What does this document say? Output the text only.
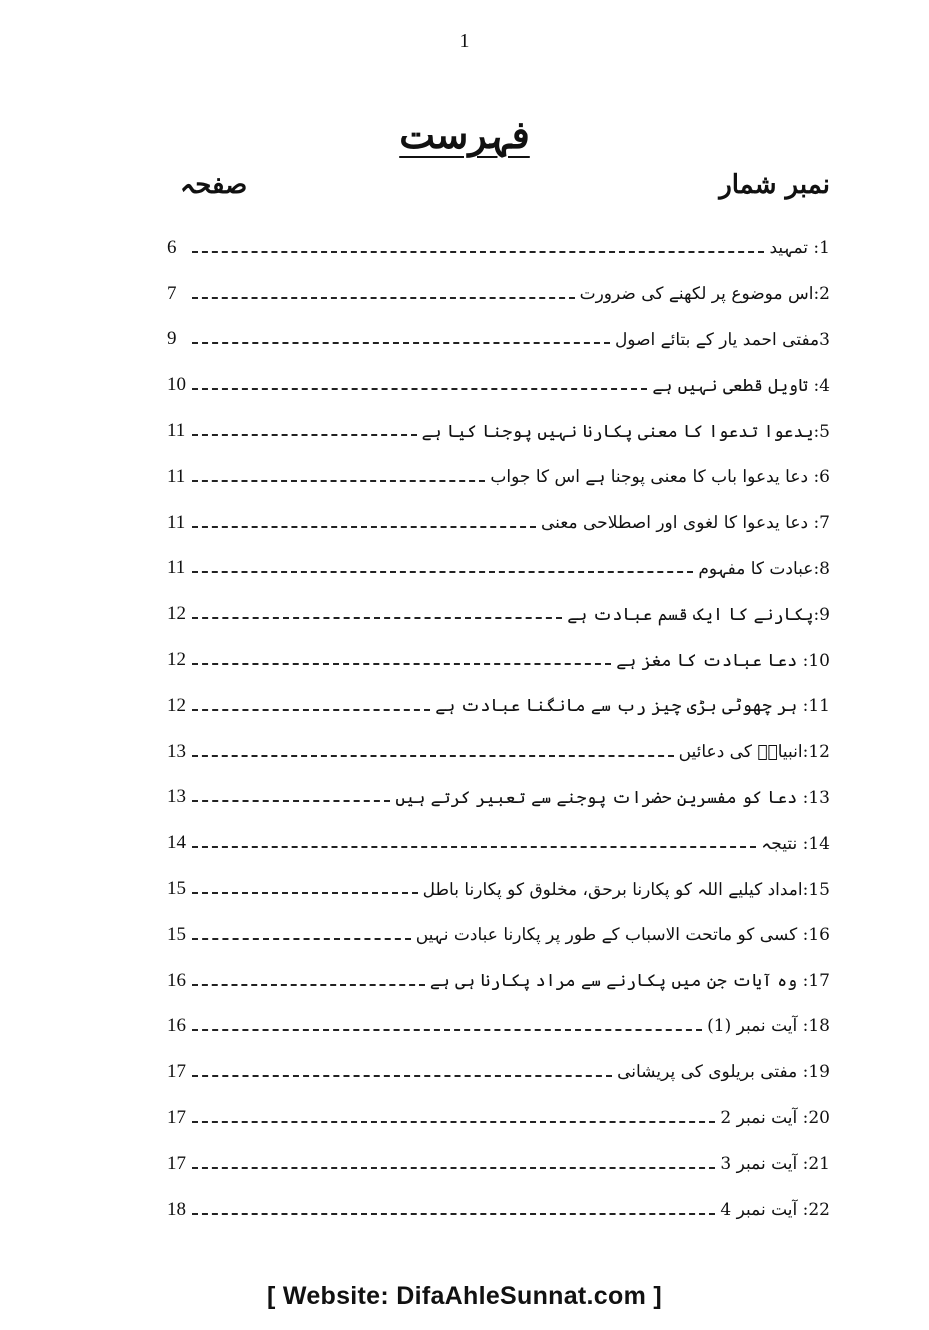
1
فہرست
نمبر شمار
صفحہ
1: تمہید
6
2:اس موضوع پر لکھنے کی ضرورت
7
3مفتی احمد یار کے بتائے اصول
9
4: تاویل قطعی نہیں ہے
10
5:یدعوا تدعوا کا معنی پکارنا نہیں پوجنا کیا ہے
11
6: دعا یدعوا باب کا معنی پوجنا ہے اس کا جواب
11
7: دعا یدعوا کا لغوی اور اصطلاحی معنی
11
8:عبادت کا مفہوم
11
9:پکارنے کا ایک قسم عبادت ہے
12
10: دعا عبادت کا مغز ہے
12
11: ہر چھوٹی بڑی چیز رب سے مانگنا عبادت ہے
12
12:انبیاءؑ کی دعائیں
13
13: دعا کو مفسرین حضرات پوجنے سے تعبیر کرتے ہیں
13
14: نتیجہ
14
15:امداد کیلیے اللہ کو پکارنا برحق، مخلوق کو پکارنا باطل
15
16: کسی کو ماتحت الاسباب کے طور پر پکارنا عبادت نہیں
15
17: وہ آیات جن میں پکارنے سے مراد پکارنا ہی ہے
16
18: آیت نمبر (1)
16
19: مفتی بریلوی کی پریشانی
17
20: آیت نمبر 2
17
21: آیت نمبر 3
17
22: آیت نمبر 4
18
[ Website: DifaAhleSunnat.com ]
